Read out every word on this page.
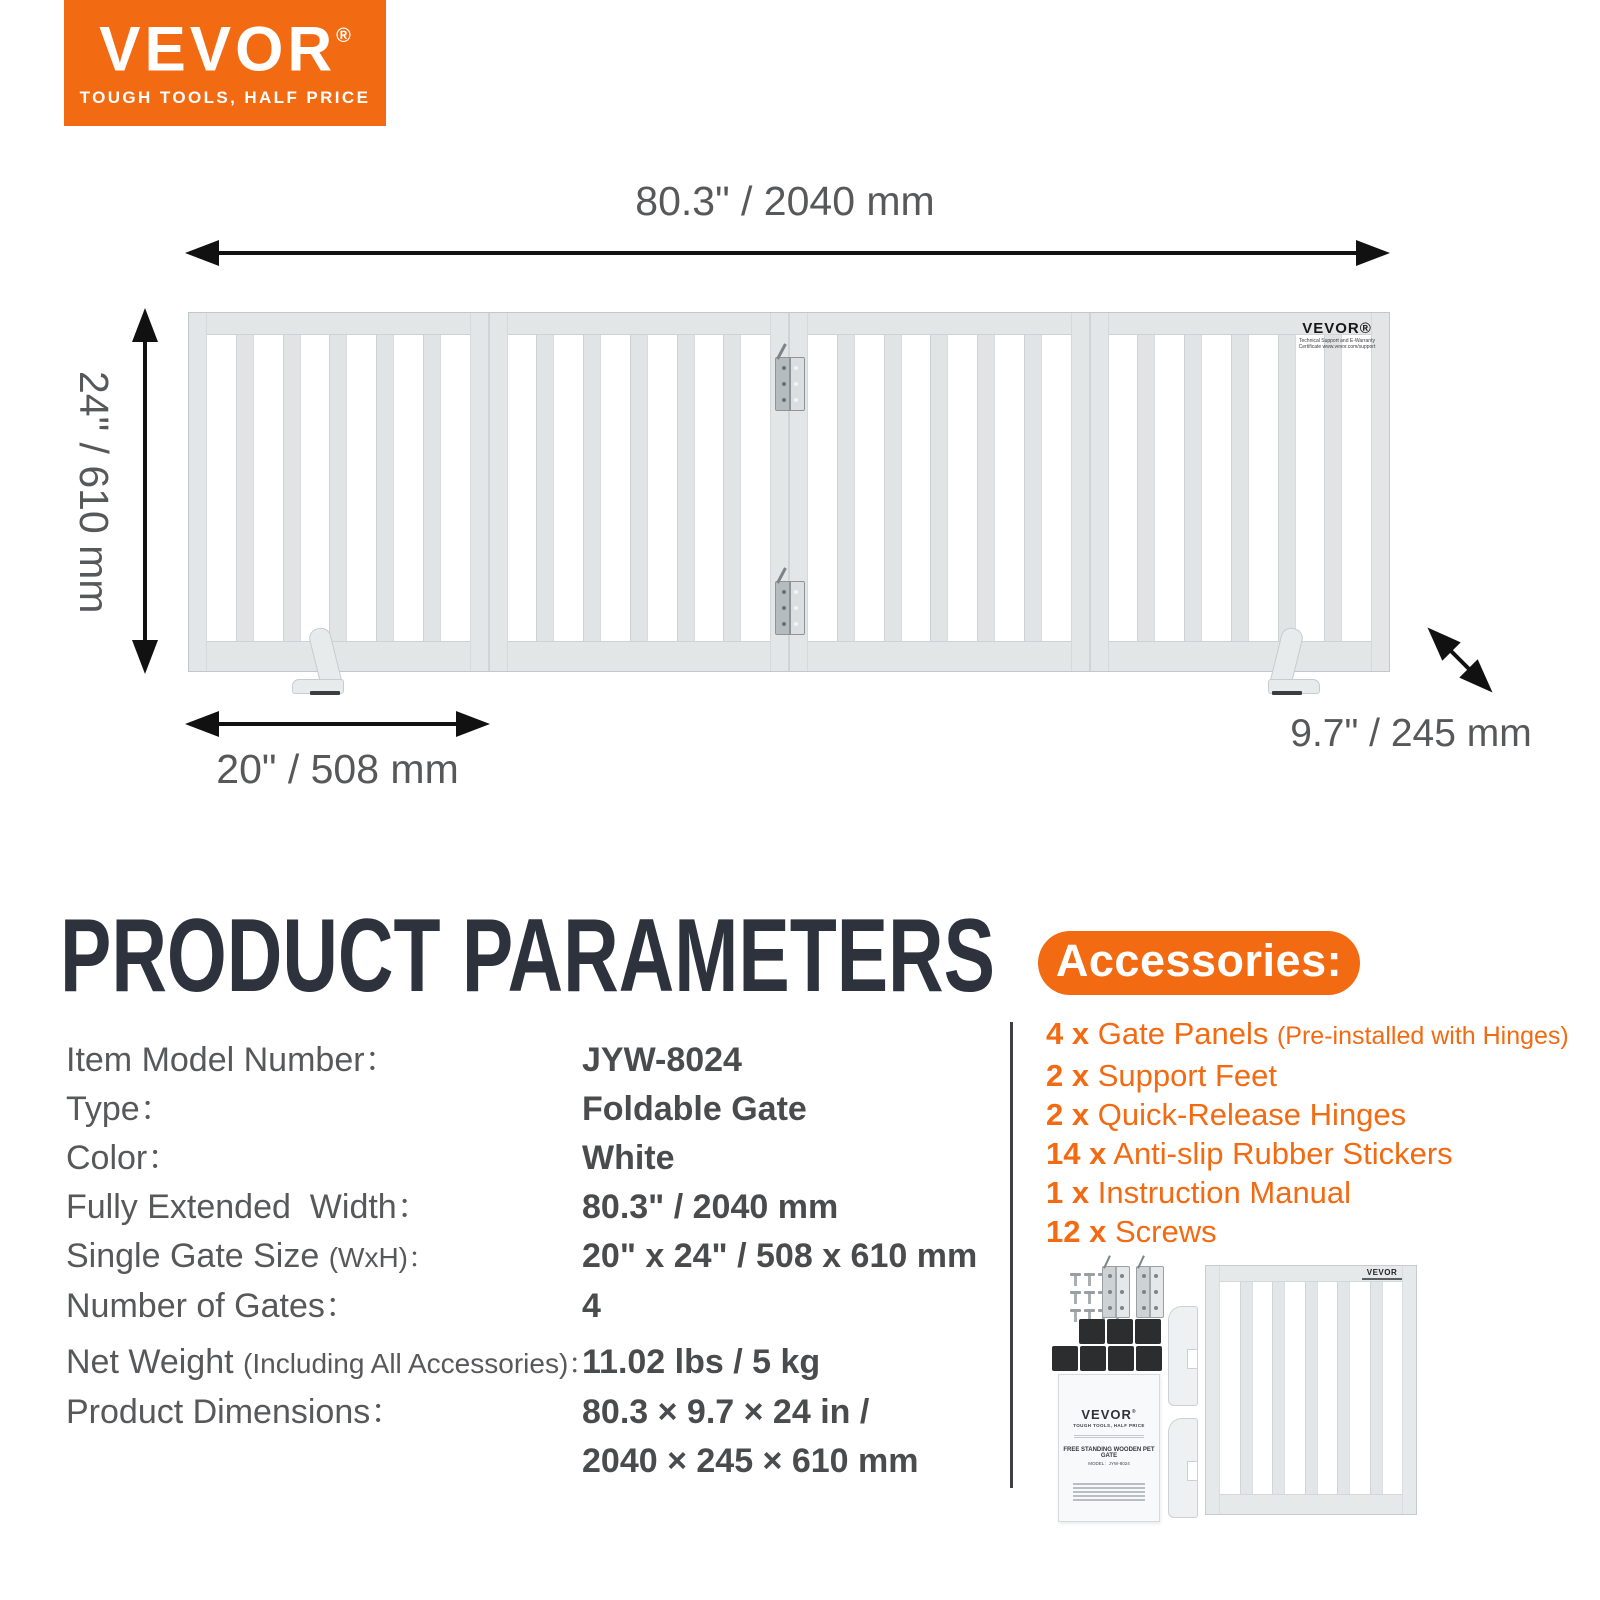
VEVOR®
TOUGH TOOLS, HALF PRICE
80.3" / 2040 mm
24" / 610 mm
VEVOR®
Technical Support and E-Warranty
Certificate www.vevor.com/support
20" / 508 mm
9.7" / 245 mm
PRODUCT PARAMETERS
Item Model Number：	JYW-8024
Type：	Foldable Gate
Color：	White
Fully Extended  Width：	80.3" / 2040 mm
Single Gate Size (WxH)：	20" x 24" / 508 x 610 mm
Number of Gates：	4
Net Weight (Including All Accessories)：
11.02 lbs / 5 kg
Product Dimensions：	80.3 × 9.7 × 24 in /
2040 × 245 × 610 mm
Accessories:
4 x Gate Panels (Pre-installed with Hinges)
2 x Support Feet
2 x Quick-Release Hinges
14 x Anti-slip Rubber Stickers
1 x Instruction Manual
12 x Screws
VEVOR®
TOUGH TOOLS, HALF PRICE
FREE STANDING WOODEN PET GATE
MODEL：JYW-8024
VEVOR
